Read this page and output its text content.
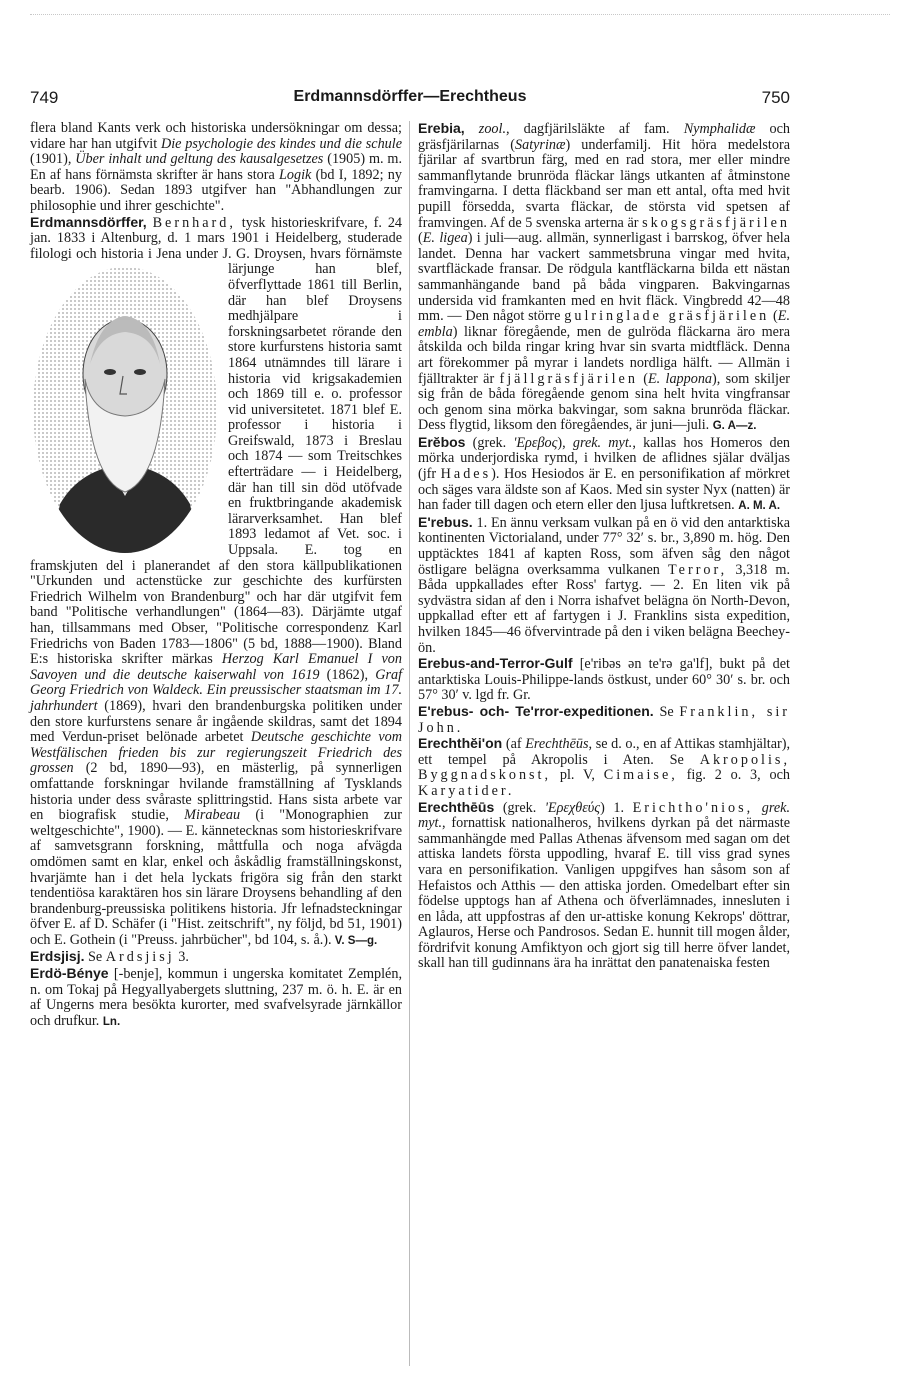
749	Erdmannsdörffer—Erechtheus	750

flera bland Kants verk och historiska undersökningar om dessa; vidare har han utgifvit Die psychologie des kindes und die schule (1901), Über inhalt und geltung des kausalgesetzes (1905) m. m. En af hans förnämsta skrifter är hans stora Logik (bd I, 1892; ny bearb. 1906). Sedan 1893 utgifver han "Abhandlungen zur philosophie und ihrer geschichte".

Erdmannsdörffer, Bernhard, tysk historieskrifvare, f. 24 jan. 1833 i Altenburg, d. 1 mars 1901 i Heidelberg, studerade filologi och historia i Jena under J. G. Droysen, hvars förnämste
lärjunge han blef, öfverflyttade 1861 till Berlin, där han blef Droysens medhjälpare i forskningsarbetet rörande den store kurfurstens historia samt 1864 utnämndes till lärare i historia vid krigsakademien och 1869 till e. o. professor vid universitetet. 1871 blef E. professor i historia i Greifswald, 1873 i Breslau och 1874 — som Treitschkes efterträdare — i Heidelberg, där han till sin död utöfvade en fruktbringande akademisk lärarverksamhet. Han blef 1893 ledamot af Vet. soc. i Uppsala. E. tog en framskjuten del i planerandet af den stora källpublikationen "Urkunden und actenstücke zur geschichte des kurfürsten Friedrich Wilhelm von Brandenburg" och har där utgifvit fem band "Politische verhandlungen" (1864—83). Därjämte utgaf han, tillsammans med Obser, "Politische correspondenz Karl Friedrichs von Baden 1783—1806" (5 bd, 1888—1900). Bland E:s historiska skrifter märkas Herzog Karl Emanuel I von Savoyen und die deutsche kaiserwahl von 1619 (1862), Graf Georg Friedrich von Waldeck. Ein preussischer staatsman im 17. jahrhundert (1869), hvari den brandenburgska politiken under den store kurfurstens senare år ingående skildras, samt det 1894 med Verdun-priset belönade arbetet Deutsche geschichte vom Westfälischen frieden bis zur regierungszeit Friedrich des grossen (2 bd, 1890—93), en mästerlig, på synnerligen omfattande forskningar hvilande framställning af Tysklands historia under dess svåraste splittringstid. Hans sista arbete var en biografisk studie, Mirabeau (i "Monographien zur weltgeschichte", 1900). — E. kännetecknas som historieskrifvare af samvetsgrann forskning, måttfulla och noga afvägda omdömen samt en klar, enkel och åskådlig framställningskonst, hvarjämte han i det hela lyckats frigöra sig från den starkt tendentiösa karaktären hos sin lärare Droysens behandling af den brandenburg-preussiska politikens historia. Jfr lefnadsteckningar öfver E. af D. Schäfer (i "Hist. zeitschrift", ny följd, bd 51, 1901) och E. Gothein (i "Preuss. jahrbücher", bd 104, s. å.). V. S—g.

Erdsjisj. Se Ardsjisj 3.

Erdö-Bénye [-benje], kommun i ungerska komitatet Zemplén, n. om Tokaj på Hegyallyabergets sluttning, 237 m. ö. h. E. är en af Ungerns mera besökta kurorter, med svafvelsyrade järnkällor och drufkur. Ln.

Erebia, zool., dagfjärilsläkte af fam. Nymphalidæ och gräsfjärilarnas (Satyrinæ) underfamilj. Hit höra medelstora fjärilar af svartbrun färg, med en rad stora, mer eller mindre sammanflytande brunröda fläckar längs utkanten af åtminstone framvingarna. I detta fläckband ser man ett antal, ofta med hvit pupill försedda, svarta fläckar, de största vid spetsen af framvingen. Af de 5 svenska arterna är skogsgräsfjärilen (E. ligea) i juli—aug. allmän, synnerligast i barrskog, öfver hela landet. Denna har vackert sammetsbruna vingar med hvita, svartfläckade fransar. De rödgula kantfläckarna bilda ett nästan sammanhängande band på båda vingparen. Bakvingarnas undersida vid framkanten med en hvit fläck. Vingbredd 42—48 mm. — Den något större gulringlade gräsfjärilen (E. embla) liknar föregående, men de gulröda fläckarna äro mera åtskilda och bilda ringar kring hvar sin svarta midtfläck. Denna art förekommer på myrar i landets nordliga hälft. — Allmän i fjälltrakter är fjällgräsfjärilen (E. lappona), som skiljer sig från de båda föregående genom sina helt hvita vingfransar och genom sina mörka bakvingar, som sakna brunröda fläckar. Dess flygtid, liksom den föregåendes, är juni—juli. G. A—z.

Erĕbos (grek. 'Ερεβος), grek. myt., kallas hos Homeros den mörka underjordiska rymd, i hvilken de aflidnes själar dväljas (jfr Hades). Hos Hesiodos är E. en personifikation af mörkret och säges vara äldste son af Kaos. Med sin syster Nyx (natten) är han fader till dagen och etern eller den ljusa luftkretsen. A. M. A.

E'rebus. 1. En ännu verksam vulkan på en ö vid den antarktiska kontinenten Victorialand, under 77° 32′ s. br., 3,890 m. hög. Den upptäcktes 1841 af kapten Ross, som äfven såg den något östligare belägna overksamma vulkanen Terror, 3,318 m. Båda uppkallades efter Ross' fartyg. — 2. En liten vik på sydvästra sidan af den i Norra ishafvet belägna ön North-Devon, uppkallad efter ett af fartygen i J. Franklins sista expedition, hvilken 1845—46 öfvervintrade på den i viken belägna Beechey-ön.

Erebus-and-Terror-Gulf [e'ribəs ən te'rə ga'lf], bukt på det antarktiska Louis-Philippe-lands östkust, under 60° 30′ s. br. och 57° 30′ v. lgd fr. Gr.

E'rebus- och- Te'rror-expeditionen. Se Franklin, sir John.

Erechthĕi'on (af Erechthēūs, se d. o., en af Attikas stamhjältar), ett tempel på Akropolis i Aten. Se Akropolis, Byggnadskonst, pl. V, Cimaise, fig. 2 o. 3, och Karyatider.

Erechthēūs (grek. 'Ερεχθεύς) 1. Erichtho'nios, grek. myt., fornattisk nationalheros, hvilkens dyrkan på det närmaste sammanhängde med Pallas Athenas äfvensom med sagan om det attiska landets första uppodling, hvaraf E. till viss grad synes vara en personifikation. Vanligen uppgifves han såsom son af Hefaistos och Atthis — den attiska jorden. Omedelbart efter sin födelse upptogs han af Athena och öfverlämnades, innesluten i en låda, att uppfostras af den ur-attiske konung Kekrops' döttrar, Aglauros, Herse och Pandrosos. Sedan E. hunnit till mogen ålder, fördrifvit konung Amfiktyon och gjort sig till herre öfver landet, skall han till gudinnans ära ha inrättat den panatenaiska festen
